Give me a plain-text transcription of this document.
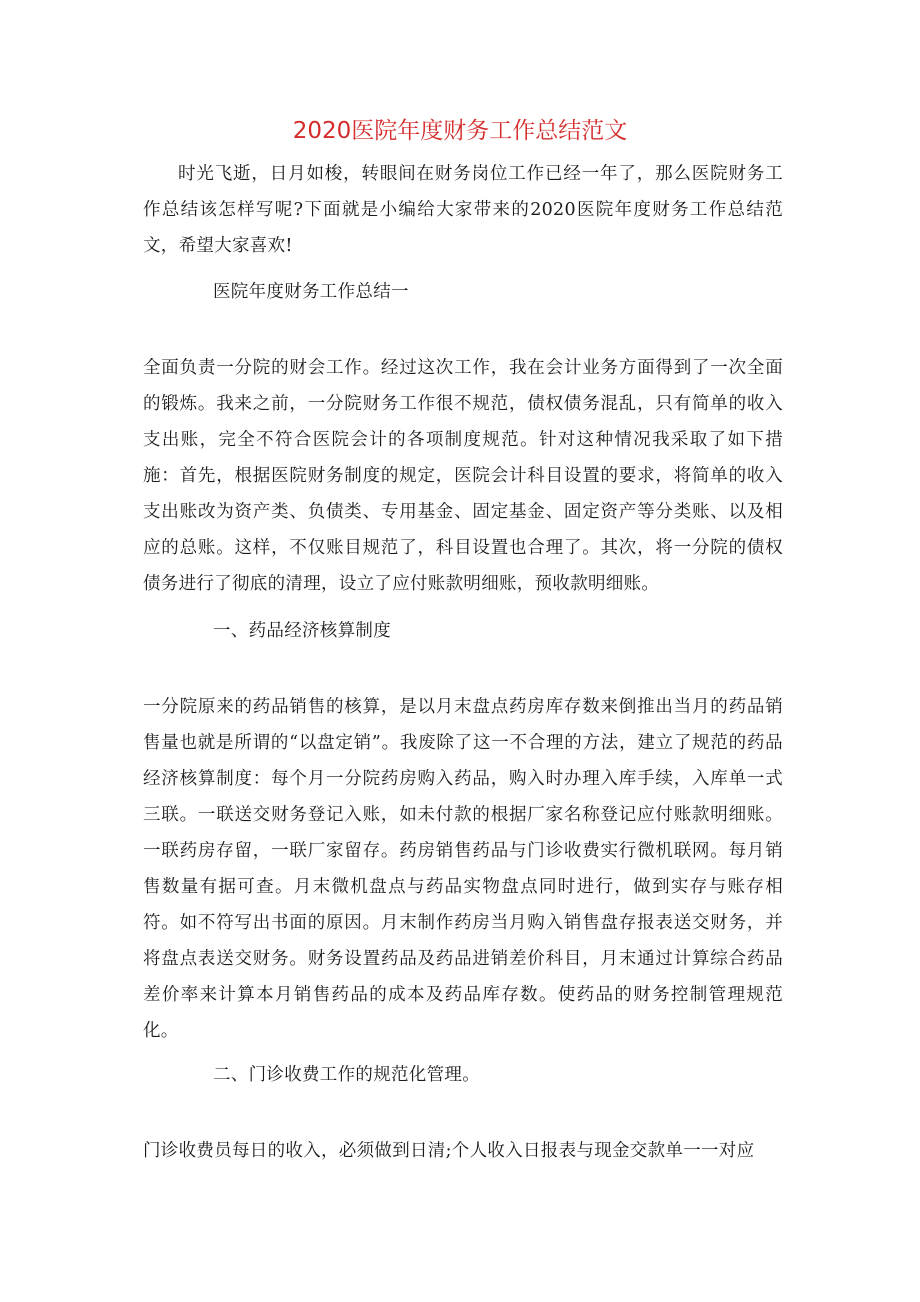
2020医院年度财务工作总结范文

时光飞逝，日月如梭，转眼间在财务岗位工作已经一年了，那么医院财务工作总结该怎样写呢?下面就是小编给大家带来的2020医院年度财务工作总结范文，希望大家喜欢!

医院年度财务工作总结一

全面负责一分院的财会工作。经过这次工作，我在会计业务方面得到了一次全面的锻炼。我来之前，一分院财务工作很不规范，债权债务混乱，只有简单的收入支出账，完全不符合医院会计的各项制度规范。针对这种情况我采取了如下措施：首先，根据医院财务制度的规定，医院会计科目设置的要求，将简单的收入支出账改为资产类、负债类、专用基金、固定基金、固定资产等分类账、以及相应的总账。这样，不仅账目规范了，科目设置也合理了。其次，将一分院的债权债务进行了彻底的清理，设立了应付账款明细账，预收款明细账。

一、药品经济核算制度

一分院原来的药品销售的核算，是以月末盘点药房库存数来倒推出当月的药品销售量也就是所谓的“以盘定销”。我废除了这一不合理的方法，建立了规范的药品经济核算制度：每个月一分院药房购入药品，购入时办理入库手续，入库单一式三联。一联送交财务登记入账，如未付款的根据厂家名称登记应付账款明细账。一联药房存留，一联厂家留存。药房销售药品与门诊收费实行微机联网。每月销售数量有据可查。月末微机盘点与药品实物盘点同时进行，做到实存与账存相符。如不符写出书面的原因。月末制作药房当月购入销售盘存报表送交财务，并将盘点表送交财务。财务设置药品及药品进销差价科目，月末通过计算综合药品差价率来计算本月销售药品的成本及药品库存数。使药品的财务控制管理规范化。

二、门诊收费工作的规范化管理。

门诊收费员每日的收入，必须做到日清;个人收入日报表与现金交款单一一对应
